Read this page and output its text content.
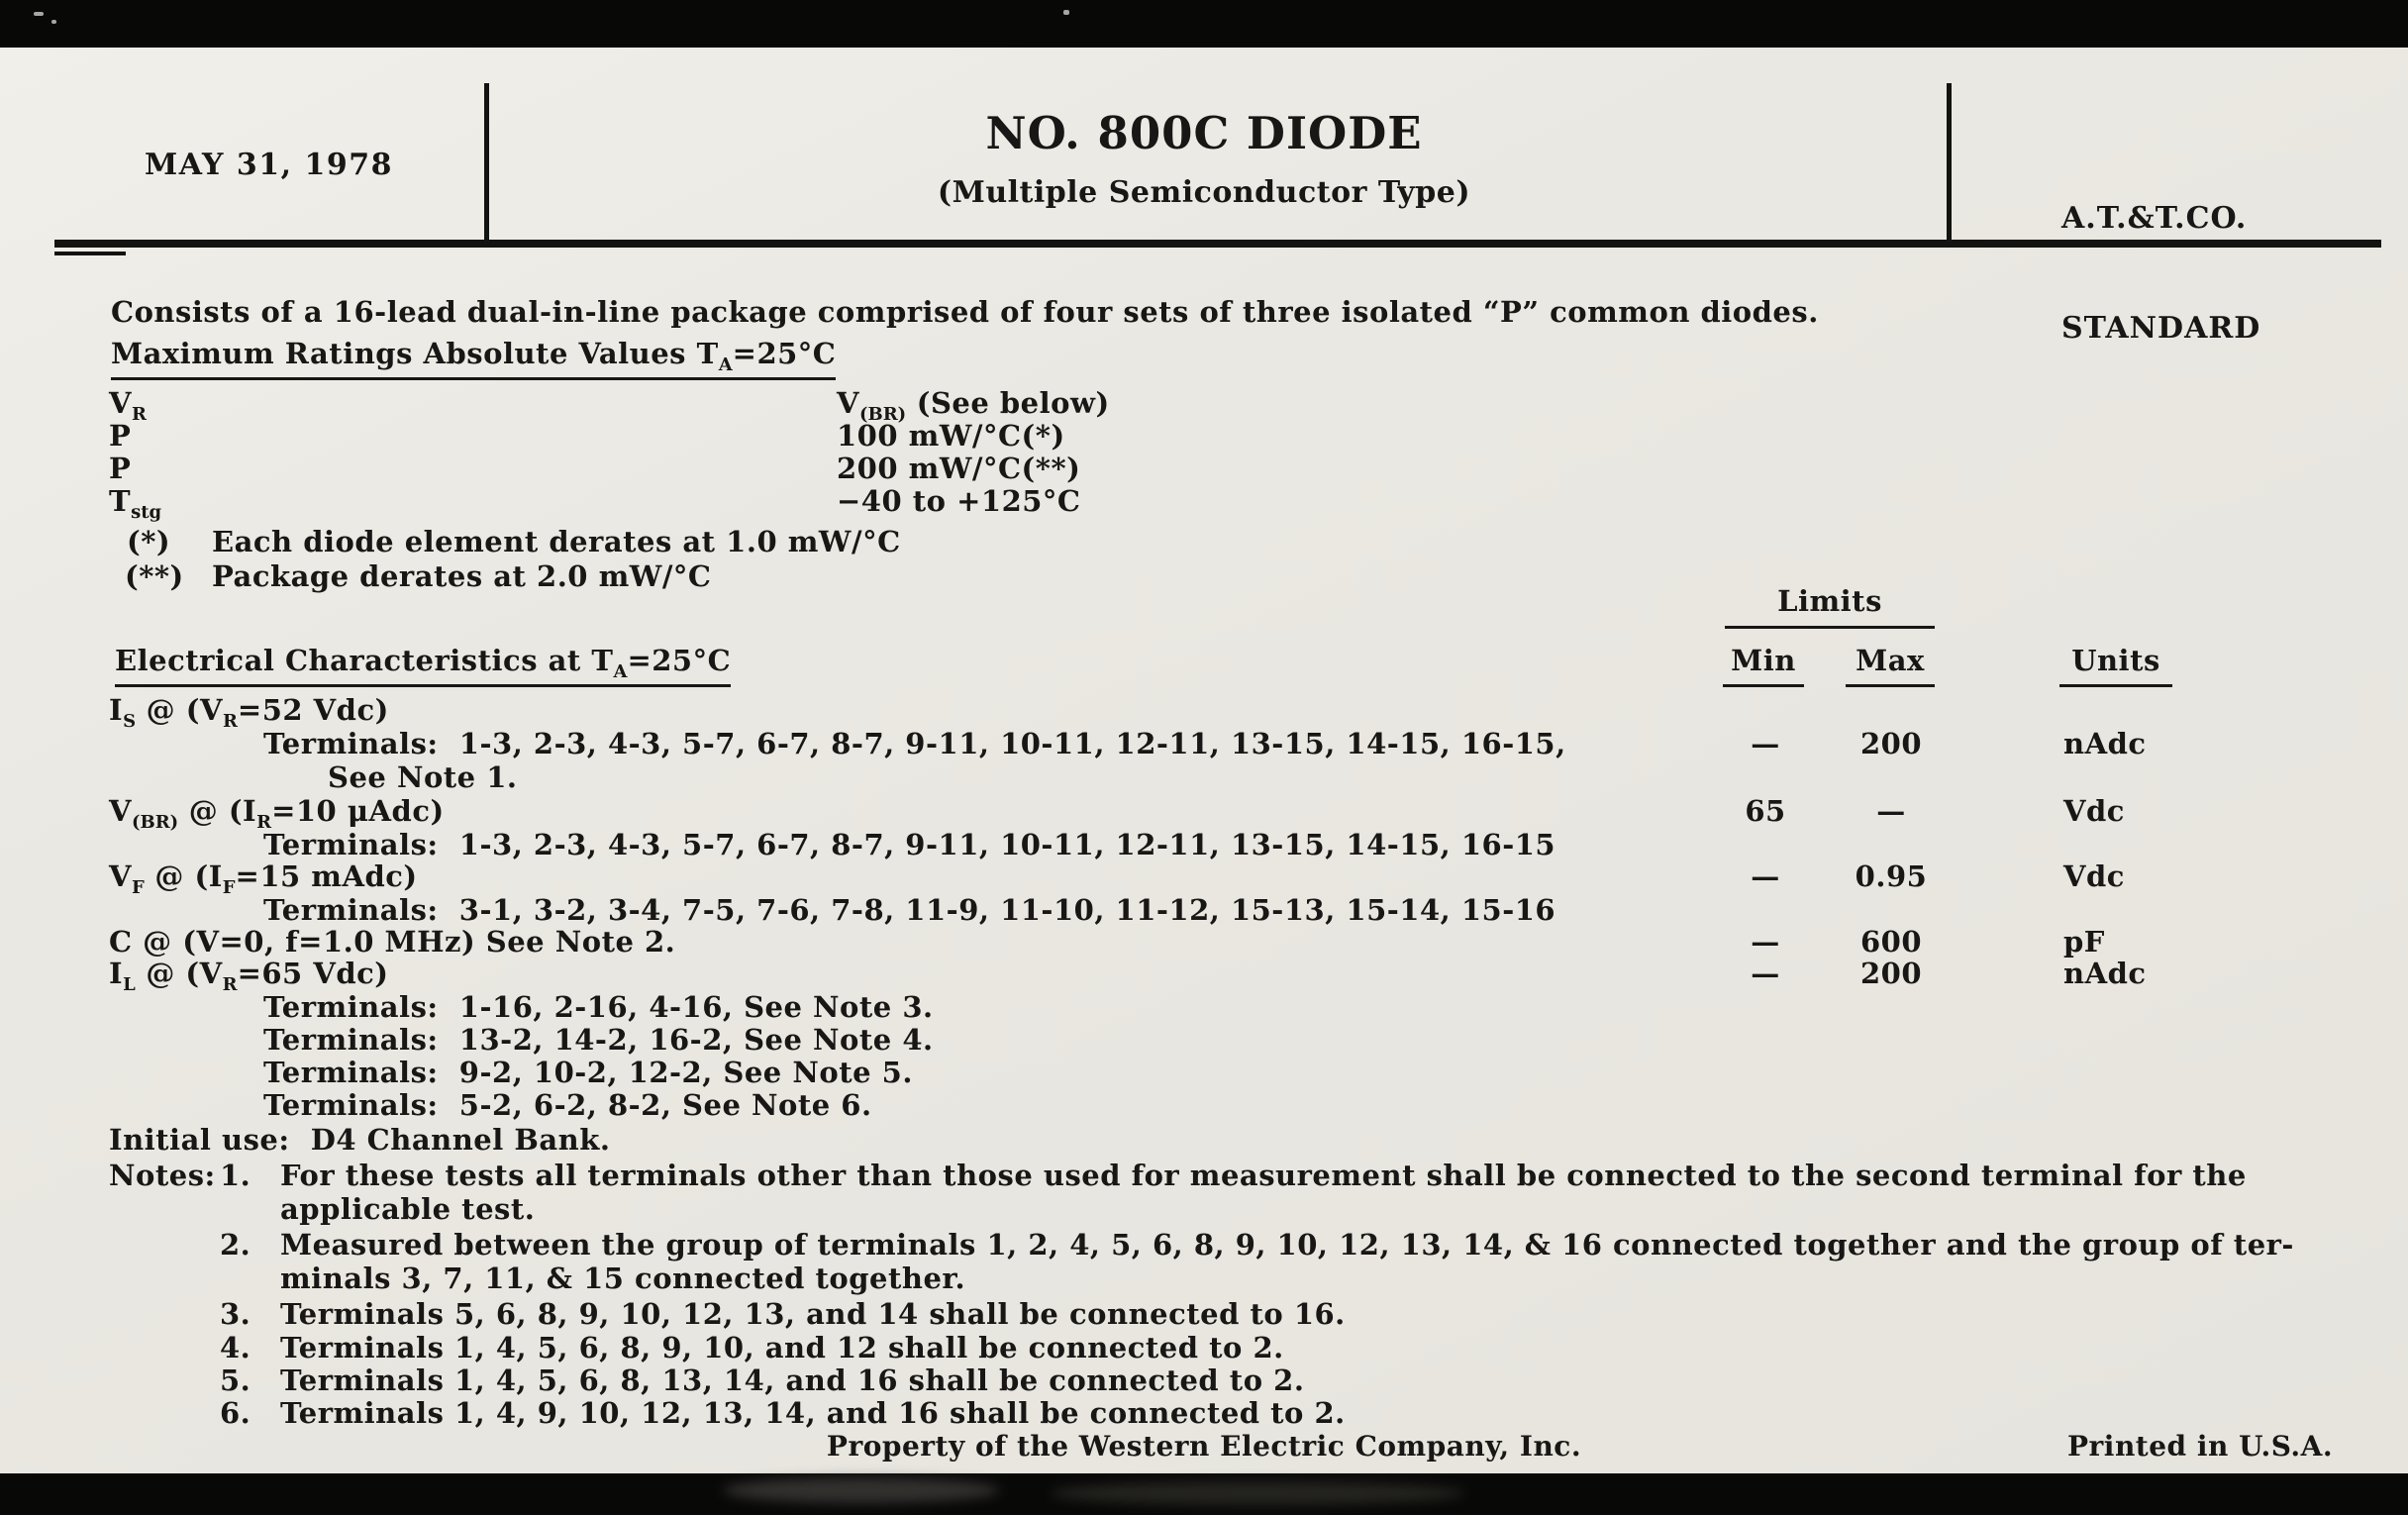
MAY 31, 1978
NO. 800C DIODE
(Multiple Semiconductor Type)

A.T.&T.CO.

STANDARD

Consists of a 16-lead dual-in-line package comprised of four sets of three isolated “P” common diodes.
Maximum Ratings Absolute Values $T_A=25^\circ C$
$V_R$	$V_{(BR)}$ (See below)
P	100 mW/°C(*)
P	200 mW/°C(**)
$T_{stg}$	−40 to +125°C
(*) Each diode element derates at 1.0 mW/°C
(**) Package derates at 2.0 mW/°C
Limits
Min	Max	Units
Electrical Characteristics at $T_A=25^\circ C$
$I_S$ @ ($V_R=52$ Vdc)
Terminals:  1-3, 2-3, 4-3, 5-7, 6-7, 8-7, 9-11, 10-11, 12-11, 13-15, 14-15, 16-15,	—	200	nAdc
See Note 1.
$V_{(BR)}$ @ ($I_R=10$ μAdc)	65	—	Vdc
Terminals:  1-3, 2-3, 4-3, 5-7, 6-7, 8-7, 9-11, 10-11, 12-11, 13-15, 14-15, 16-15
$V_F$ @ ($I_F=15$ mAdc)	—	0.95	Vdc
Terminals:  3-1, 3-2, 3-4, 7-5, 7-6, 7-8, 11-9, 11-10, 11-12, 15-13, 15-14, 15-16
C @ (V=0, f=1.0 MHz) See Note 2.	—	600	pF
$I_L$ @ ($V_R=65$ Vdc)	—	200	nAdc
Terminals:  1-16, 2-16, 4-16, See Note 3.
Terminals:  13-2, 14-2, 16-2, See Note 4.
Terminals:  9-2, 10-2, 12-2, See Note 5.
Terminals:  5-2, 6-2, 8-2, See Note 6.
Initial use:  D4 Channel Bank.
Notes: 1. For these tests all terminals other than those used for measurement shall be connected to the second terminal for the
applicable test.
2. Measured between the group of terminals 1, 2, 4, 5, 6, 8, 9, 10, 12, 13, 14, & 16 connected together and the group of ter-
minals 3, 7, 11, & 15 connected together.
3. Terminals 5, 6, 8, 9, 10, 12, 13, and 14 shall be connected to 16.
4. Terminals 1, 4, 5, 6, 8, 9, 10, and 12 shall be connected to 2.
5. Terminals 1, 4, 5, 6, 8, 13, 14, and 16 shall be connected to 2.
6. Terminals 1, 4, 9, 10, 12, 13, 14, and 16 shall be connected to 2.
Property of the Western Electric Company, Inc.	Printed in U.S.A.
